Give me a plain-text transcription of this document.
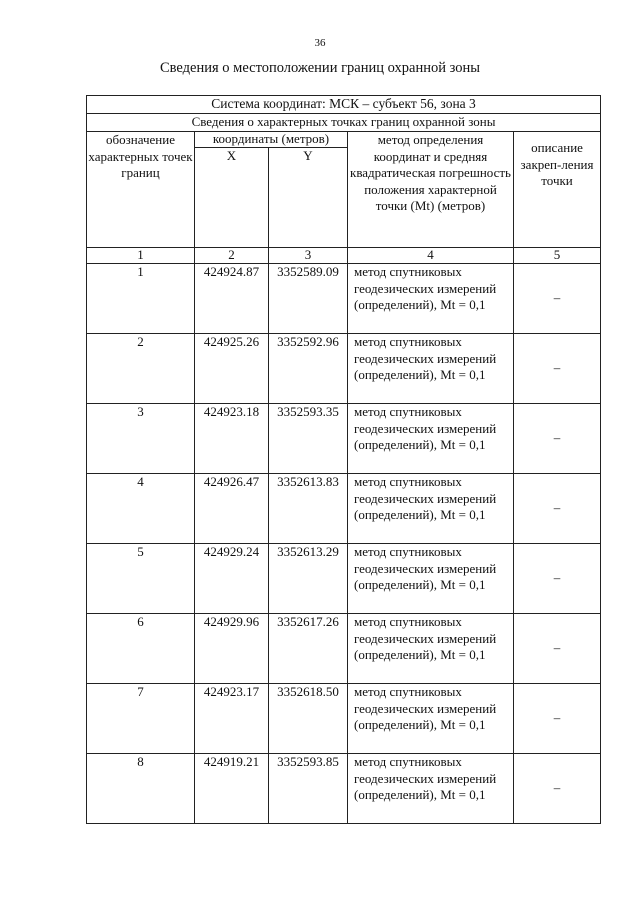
36
Сведения о местоположении границ охранной зоны
Система координат: МСК – субъект 56, зона 3				
Сведения о характерных точках границ охранной зоны				
обозначение характерных точек границ	координаты (метров)		метод определения координат и средняя квадратическая погрешность положения характерной точки (Mt) (метров)	описание закреп-ления точки
	X	Y		
1	2	3	4	5
1	424924.87	3352589.09	метод спутниковых геодезических измерений (определений), Mt = 0,1	–
2	424925.26	3352592.96	метод спутниковых геодезических измерений (определений), Mt = 0,1	–
3	424923.18	3352593.35	метод спутниковых геодезических измерений (определений), Mt = 0,1	–
4	424926.47	3352613.83	метод спутниковых геодезических измерений (определений), Mt = 0,1	–
5	424929.24	3352613.29	метод спутниковых геодезических измерений (определений), Mt = 0,1	–
6	424929.96	3352617.26	метод спутниковых геодезических измерений (определений), Mt = 0,1	–
7	424923.17	3352618.50	метод спутниковых геодезических измерений (определений), Mt = 0,1	–
8	424919.21	3352593.85	метод спутниковых геодезических измерений (определений), Mt = 0,1	–
